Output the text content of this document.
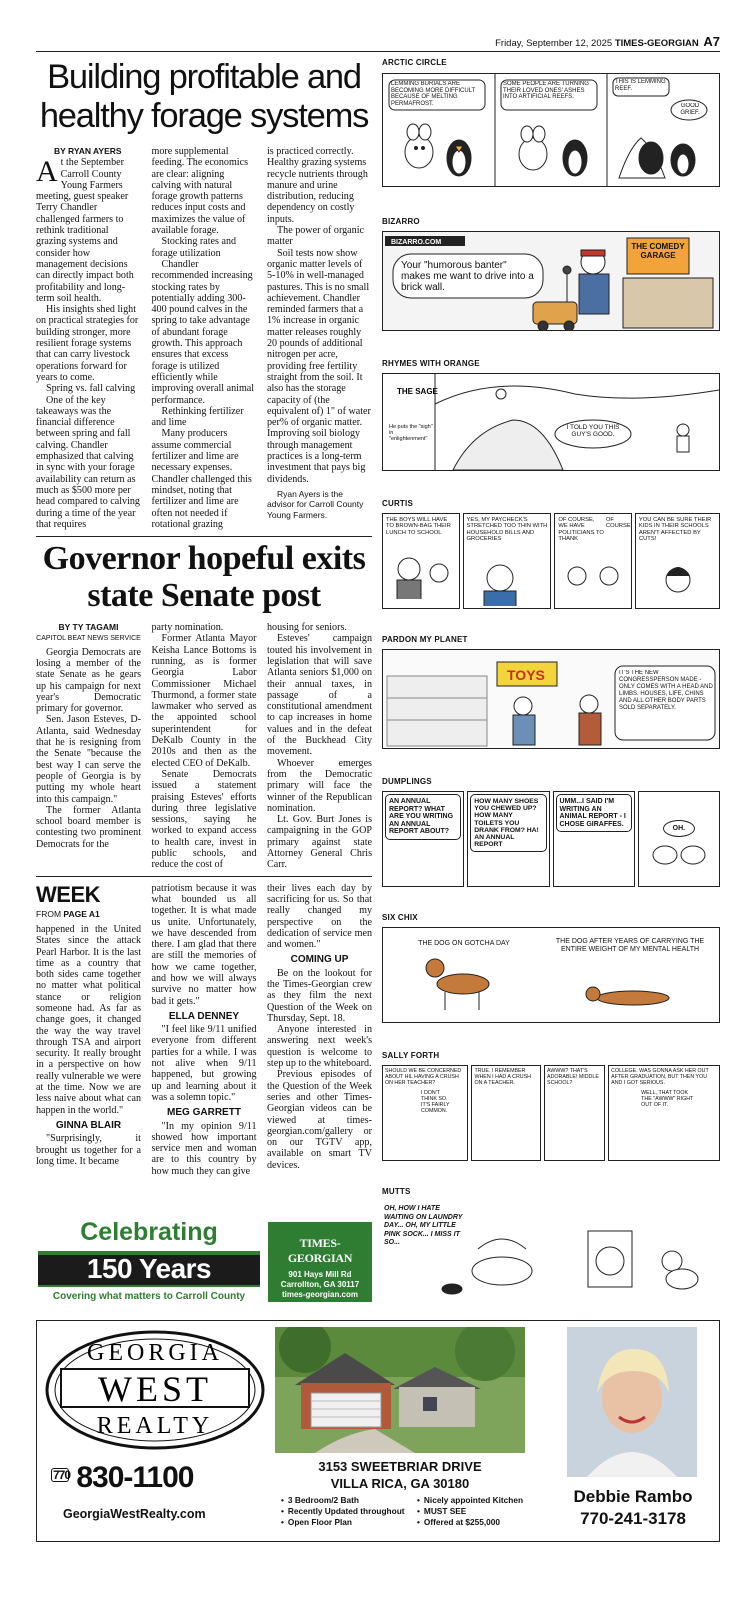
Friday, September 12, 2025 TIMES-GEORGIAN A7
Building profitable and healthy forage systems
BY RYAN AYERS

At the September Carroll County Young Farmers meeting, guest speaker Terry Chandler challenged farmers to rethink traditional grazing systems and consider how management decisions can directly impact both profitability and long-term soil health.

His insights shed light on practical strategies for building stronger, more resilient forage systems that can carry livestock operations forward for years to come.

Spring vs. fall calving

One of the key takeaways was the financial difference between spring and fall calving. Chandler emphasized that calving in sync with your forage availability can return as much as $500 more per head compared to calving during a time of the year that requires

more supplemental feeding. The economics are clear: aligning calving with natural forage growth patterns reduces input costs and maximizes the value of available forage.

Stocking rates and forage utilization

Chandler recommended increasing stocking rates by potentially adding 300-400 pound calves in the spring to take advantage of abundant forage growth. This approach ensures that excess forage is utilized efficiently while improving overall animal performance.

Rethinking fertilizer and lime

Many producers assume commercial fertilizer and lime are necessary expenses. Chandler challenged this mindset, noting that fertilizer and lime are often not needed if rotational grazing

is practiced correctly. Healthy grazing systems recycle nutrients through manure and urine distribution, reducing dependency on costly inputs.

The power of organic matter

Soil tests now show organic matter levels of 5-10% in well-managed pastures. This is no small achievement. Chandler reminded farmers that a 1% increase in organic matter releases roughly 20 pounds of additional nitrogen per acre, providing free fertility straight from the soil. It also has the storage capacity of (the equivalent of) 1" of water per% of organic matter. Improving soil biology through management practices is a long-term investment that pays big dividends.

Ryan Ayers is the advisor for Carroll County Young Farmers.

Governor hopeful exits state Senate post
BY TY TAGAMI
CAPITOL BEAT NEWS SERVICE

Georgia Democrats are losing a member of the state Senate as he gears up his campaign for next year's Democratic primary for governor.

Sen. Jason Esteves, D-Atlanta, said Wednesday that he is resigning from the Senate "because the best way I can serve the people of Georgia is by putting my whole heart into this campaign."

The former Atlanta school board member is contesting two prominent Democrats for the

party nomination.

Former Atlanta Mayor Keisha Lance Bottoms is running, as is former Georgia Labor Commissioner Michael Thurmond, a former state lawmaker who served as the appointed school superintendent for DeKalb County in the 2010s and then as the elected CEO of DeKalb.

Senate Democrats issued a statement praising Esteves' efforts during three legislative sessions, saying he worked to expand access to health care, invest in public schools, and reduce the cost of

housing for seniors.

Esteves' campaign touted his involvement in legislation that will save Atlanta seniors $1,000 on their annual taxes, in passage of a constitutional amendment to cap increases in home values and in the defeat of the Buckhead City movement.

Whoever emerges from the Democratic primary will face the winner of the Republican nomination.

Lt. Gov. Burt Jones is campaigning in the GOP primary against state Attorney General Chris Carr.

WEEK
FROM PAGE A1

happened in the United States since the attack Pearl Harbor. It is the last time as a country that both sides came together no matter what political stance or religion someone had. As far as change goes, it changed the way the way travel through TSA and airport security. It really brought in a perspective on how really vulnerable we were at the time. Now we are less naive about what can happen in the world."

GINNA BLAIR

"Surprisingly, it brought us together for a long time. It became

patriotism because it was what bounded us all together. It is what made us unite. Unfortunately, we have descended from there. I am glad that there are still the memories of how we came together, and how we will always survive no matter how bad it gets."

ELLA DENNEY

"I feel like 9/11 unified everyone from different parties for a while. I was not alive when 9/11 happened, but growing up and learning about it was a solemn topic."

MEG GARRETT

"In my opinion 9/11 showed how important service men and woman are to this country by how much they can give

their lives each day by sacrificing for us. So that really changed my perspective on the dedication of service men and women."

COMING UP

Be on the lookout for the Times-Georgian crew as they film the next Question of the Week on Thursday, Sept. 18.

Anyone interested in answering next week's question is welcome to step up to the whiteboard.

Previous episodes of the Question of the Week series and other Times-Georgian videos can be viewed at times-georgian.com/gallery or on our TGTV app, available on smart TV devices.

ARCTIC CIRCLE
LEMMING BURIALS ARE BECOMING MORE DIFFICULT BECAUSE OF MELTING PERMAFROST.
SOME PEOPLE ARE TURNING THEIR LOVED ONES' ASHES INTO ARTIFICIAL REEFS.
THIS IS LEMMING REEF.
GOOD GRIEF.
BIZARRO
BIZARRO.COM
Your "humorous banter" makes me want to drive into a brick wall.
THE COMEDY GARAGE
RHYMES WITH ORANGE
THE SAGE
He puts the "sigh" in "enlightenment"
I TOLD YOU THIS GUY'S GOOD.
CURTIS
THE BOYS WILL HAVE TO BROWN-BAG THEIR LUNCH TO SCHOOL
YES, MY PAYCHECK'S STRETCHED TOO THIN WITH HOUSEHOLD BILLS AND GROCERIES
OF COURSE, WE HAVE POLITICIANS TO THANK
OF COURSE
YOU CAN BE SURE THEIR KIDS IN THEIR SCHOOLS AREN'T AFFECTED BY CUTS!
PARDON MY PLANET
TOYS	IT'S THE NEW CONGRESSPERSON MADE - ONLY COMES WITH A HEAD AND LIMBS. HOUSES, LIFE, CHINS AND ALL OTHER BODY PARTS SOLD SEPARATELY.
DUMPLINGS
AN ANNUAL REPORT? WHAT ARE YOU WRITING AN ANNUAL REPORT ABOUT?
HOW MANY SHOES YOU CHEWED UP? HOW MANY TOILETS YOU DRANK FROM? HA! AN ANNUAL REPORT
UMM...I SAID I'M WRITING AN ANIMAL REPORT - I CHOSE GIRAFFES.
OH.
SIX CHIX
THE DOG ON GOTCHA DAY	THE DOG AFTER YEARS OF CARRYING THE ENTIRE WEIGHT OF MY MENTAL HEALTH
SALLY FORTH
SHOULD WE BE CONCERNED ABOUT HIL HAVING A CRUSH ON HER TEACHER?
I DON'T THINK SO. IT'S FAIRLY COMMON.
TRUE. I REMEMBER WHEN I HAD A CRUSH ON A TEACHER.
AWWW? THAT'S ADORABLE! MIDDLE SCHOOL?
COLLEGE. WAS GONNA ASK HER OUT AFTER GRADUATION, BUT THEN YOU AND I GOT SERIOUS.
WELL, THAT TOOK THE "AWWW" RIGHT OUT OF IT.
MUTTS
OH, HOW I HATE WAITING ON LAUNDRY DAY... OH, MY LITTLE PINK SOCK... I MISS IT SO...
Celebrating
150 Years
Covering what matters to Carroll County
TIMES-GEORGIAN
901 Hays Mill Rd
Carrollton, GA 30117
times-georgian.com
GEORGIA
WEST
REALTY
770 830-1100
GeorgiaWestRealty.com
3153 SWEETBRIAR DRIVE
VILLA RICA, GA 30180
• 3 Bedroom/2 Bath
• Recently Updated throughout
• Open Floor Plan
• Nicely appointed Kitchen
• MUST SEE
• Offered at $255,000
Debbie Rambo
770-241-3178
